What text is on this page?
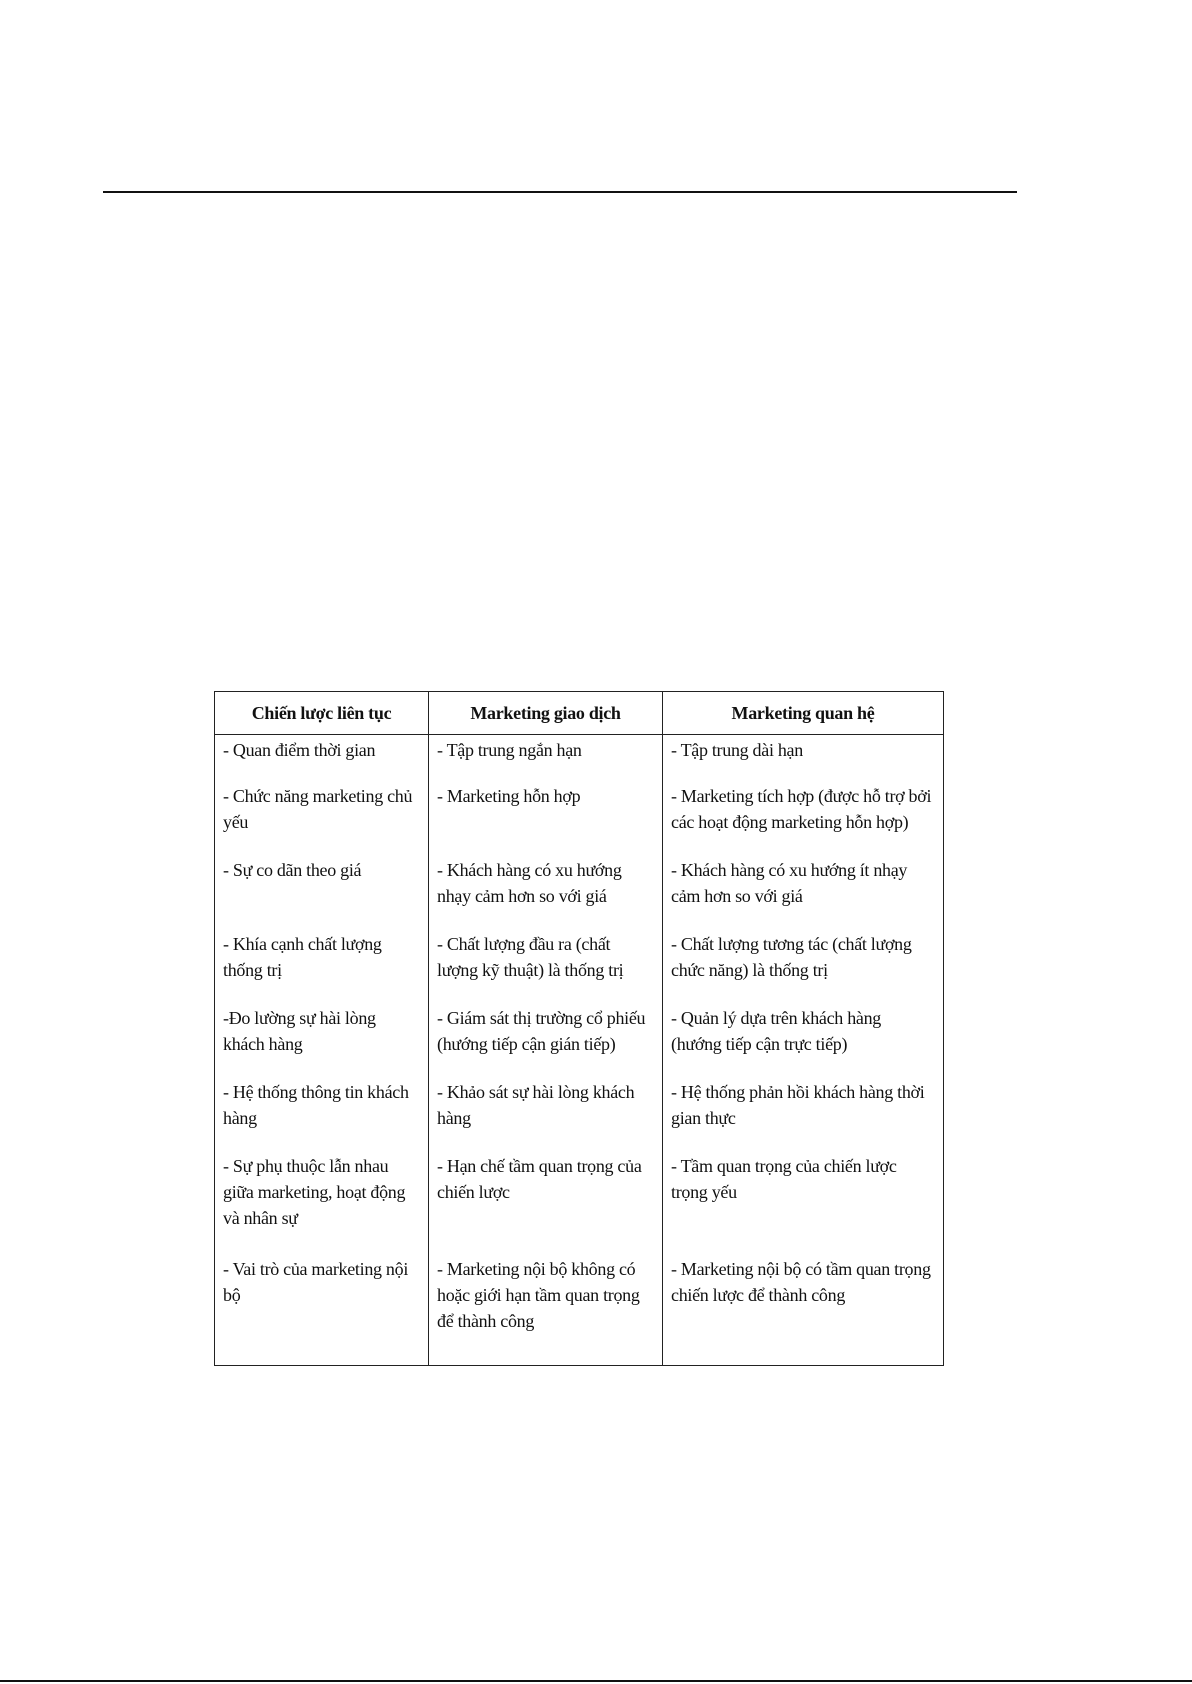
Chiến lược liên tục	Marketing giao dịch	Marketing quan hệ
- Quan điểm thời gian	- Tập trung ngắn hạn	- Tập trung dài hạn
- Chức năng marketing chủ yếu	- Marketing hỗn hợp	- Marketing tích hợp (được hỗ trợ bởi các hoạt động marketing hỗn hợp)
- Sự co dãn theo giá	- Khách hàng có xu hướng nhạy cảm hơn so với giá	- Khách hàng có xu hướng ít nhạy cảm hơn so với giá
- Khía cạnh chất lượng thống trị	- Chất lượng đầu ra (chất lượng kỹ thuật) là thống trị	- Chất lượng tương tác (chất lượng chức năng) là thống trị
-Đo lường sự hài lòng khách hàng	- Giám sát thị trường cổ phiếu (hướng tiếp cận gián tiếp)	- Quản lý dựa trên khách hàng (hướng tiếp cận trực tiếp)
- Hệ thống thông tin khách hàng	- Khảo sát sự hài lòng khách hàng	- Hệ thống phản hồi khách hàng thời gian thực
- Sự phụ thuộc lẫn nhau giữa marketing, hoạt động và nhân sự	- Hạn chế tầm quan trọng của chiến lược	- Tầm quan trọng của chiến lược trọng yếu
- Vai trò của marketing nội bộ	- Marketing nội bộ không có hoặc giới hạn tầm quan trọng để thành công	- Marketing nội bộ có tầm quan trọng chiến lược để thành công
